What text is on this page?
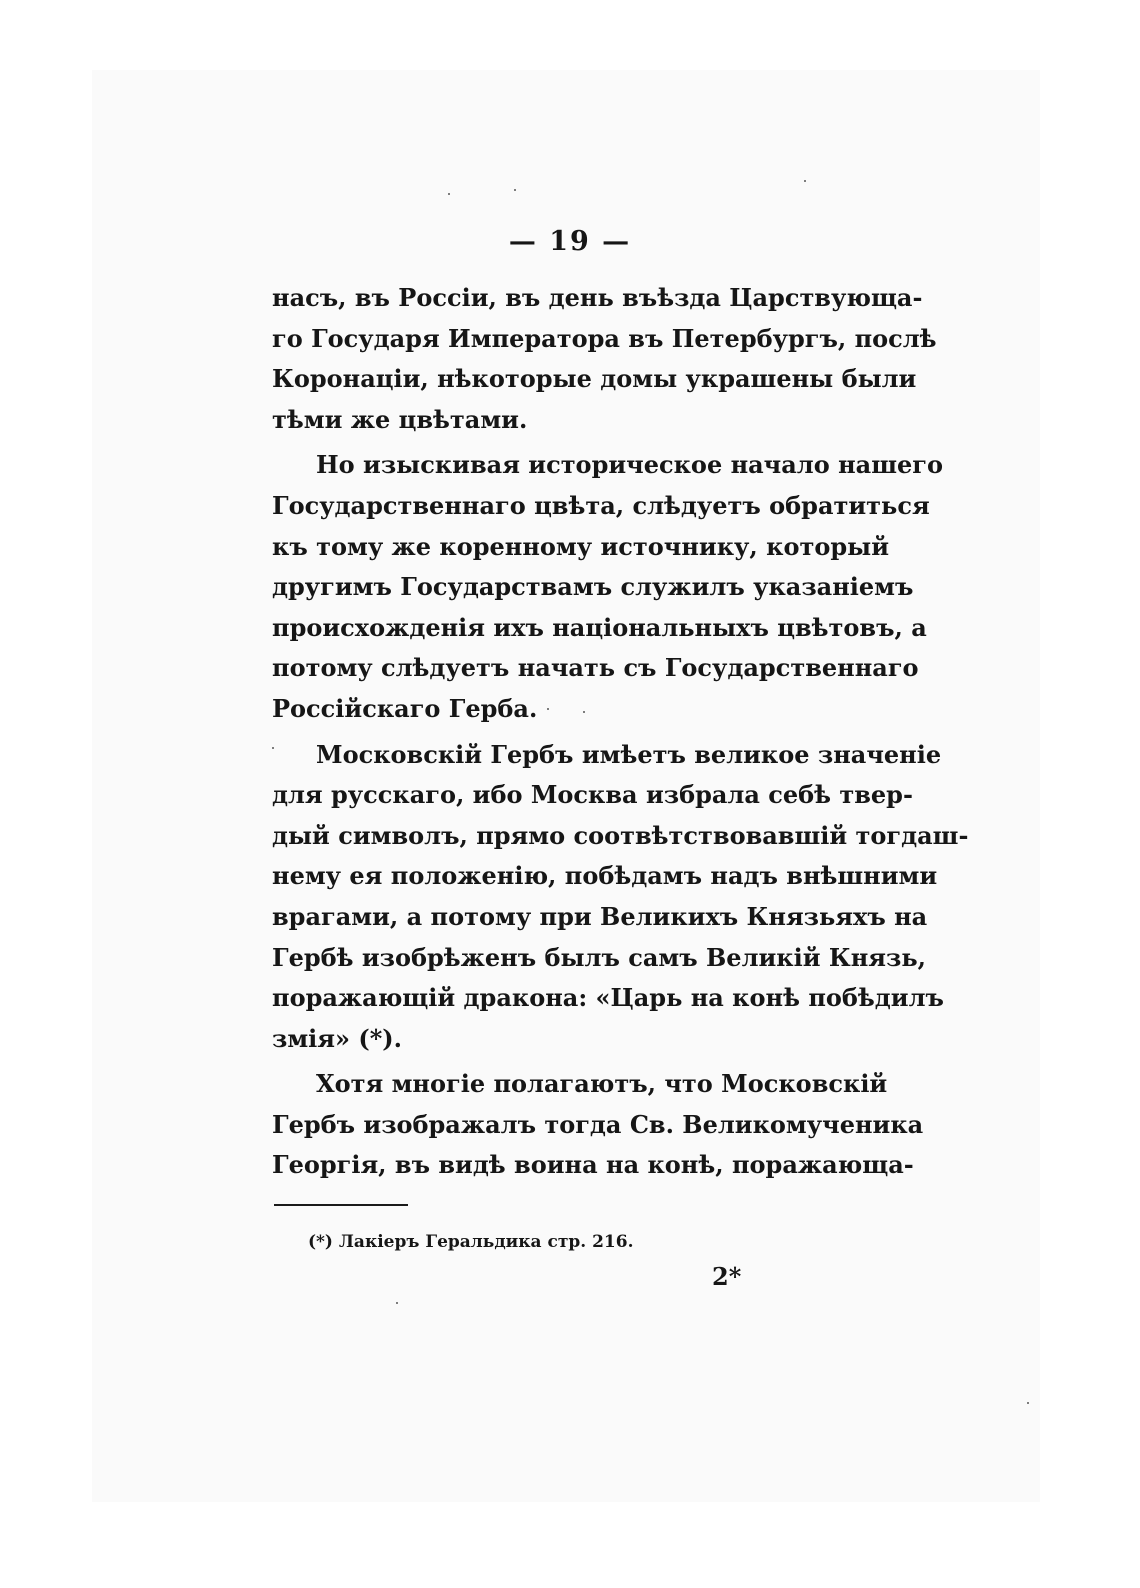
— 19 —
насъ, въ Россіи, въ день въѣзда Царствующа-
го Государя Императора въ Петербургъ, послѣ
Коронаціи, нѣкоторые домы украшены были
тѣми же цвѣтами.
Но изыскивая историческое начало нашего
Государственнаго цвѣта, слѣдуетъ обратиться
къ тому же коренному источнику, который
другимъ Государствамъ служилъ указаніемъ
происхожденія ихъ національныхъ цвѣтовъ, а
потому слѣдуетъ начать съ Государственнаго
Россійскаго Герба.
Московскій Гербъ имѣетъ великое значеніе
для русскаго, ибо Москва избрала себѣ твер-
дый символъ, прямо соотвѣтствовавшій тогдаш-
нему ея положенію, побѣдамъ надъ внѣшними
врагами, а потому при Великихъ Князьяхъ на
Гербѣ изобрѣженъ былъ самъ Великій Князь,
поражающій дракона: «Царь на конѣ побѣдилъ
змія» (*).
Хотя многіе полагаютъ, что Московскій
Гербъ изображалъ тогда Св. Великомученика
Георгія, въ видѣ воина на конѣ, поражающа-
(*) Лакіеръ Геральдика стр. 216.
2*
